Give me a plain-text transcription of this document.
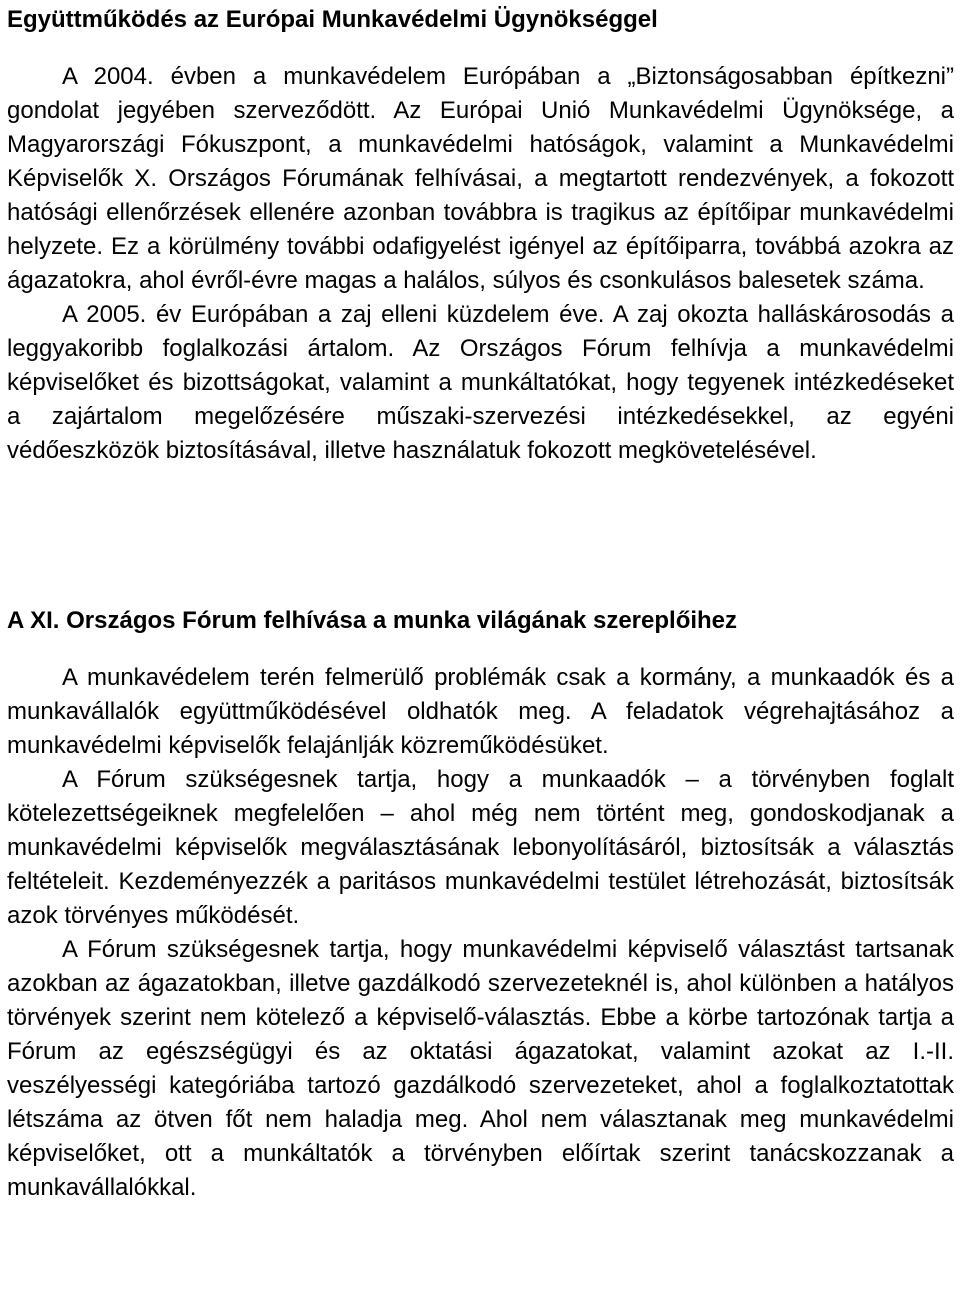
Együttműködés az Európai Munkavédelmi Ügynökséggel

A 2004. évben a munkavédelem Európában a „Biztonságosabban építkezni” gondolat jegyében szerveződött. Az Európai Unió Munkavédelmi Ügynöksége, a Magyarországi Fókuszpont, a munkavédelmi hatóságok, valamint a Munkavédelmi Képviselők X. Országos Fórumának felhívásai, a megtartott rendezvények, a fokozott hatósági ellenőrzések ellenére azonban továbbra is tragikus az építőipar munkavédelmi helyzete. Ez a körülmény további odafigyelést igényel az építőiparra, továbbá azokra az ágazatokra, ahol évről-évre magas a halálos, súlyos és csonkulásos balesetek száma.

A 2005. év Európában a zaj elleni küzdelem éve. A zaj okozta halláskárosodás a leggyakoribb foglalkozási ártalom. Az Országos Fórum felhívja a munkavédelmi képviselőket és bizottságokat, valamint a munkáltatókat, hogy tegyenek intézkedéseket a zajártalom megelőzésére műszaki-szervezési intézkedésekkel, az egyéni védőeszközök biztosításával, illetve használatuk fokozott megkövetelésével.

A XI. Országos Fórum felhívása a munka világának szereplőihez

A munkavédelem terén felmerülő problémák csak a kormány, a munkaadók és a munkavállalók együttműködésével oldhatók meg. A feladatok végrehajtásához a munkavédelmi képviselők felajánlják közreműködésüket.

A Fórum szükségesnek tartja, hogy a munkaadók – a törvényben foglalt kötelezettségeiknek megfelelően – ahol még nem történt meg, gondoskodjanak a munkavédelmi képviselők megválasztásának lebonyolításáról, biztosítsák a választás feltételeit. Kezdeményezzék a paritásos munkavédelmi testület létrehozását, biztosítsák azok törvényes működését.

A Fórum szükségesnek tartja, hogy munkavédelmi képviselő választást tartsanak azokban az ágazatokban, illetve gazdálkodó szervezeteknél is, ahol különben a hatályos törvények szerint nem kötelező a képviselő-választás. Ebbe a körbe tartozónak tartja a Fórum az egészségügyi és az oktatási ágazatokat, valamint azokat az I.-II. veszélyességi kategóriába tartozó gazdálkodó szervezeteket, ahol a foglalkoztatottak létszáma az ötven főt nem haladja meg. Ahol nem választanak meg munkavédelmi képviselőket, ott a munkáltatók a törvényben előírtak szerint tanácskozzanak a munkavállalókkal.
